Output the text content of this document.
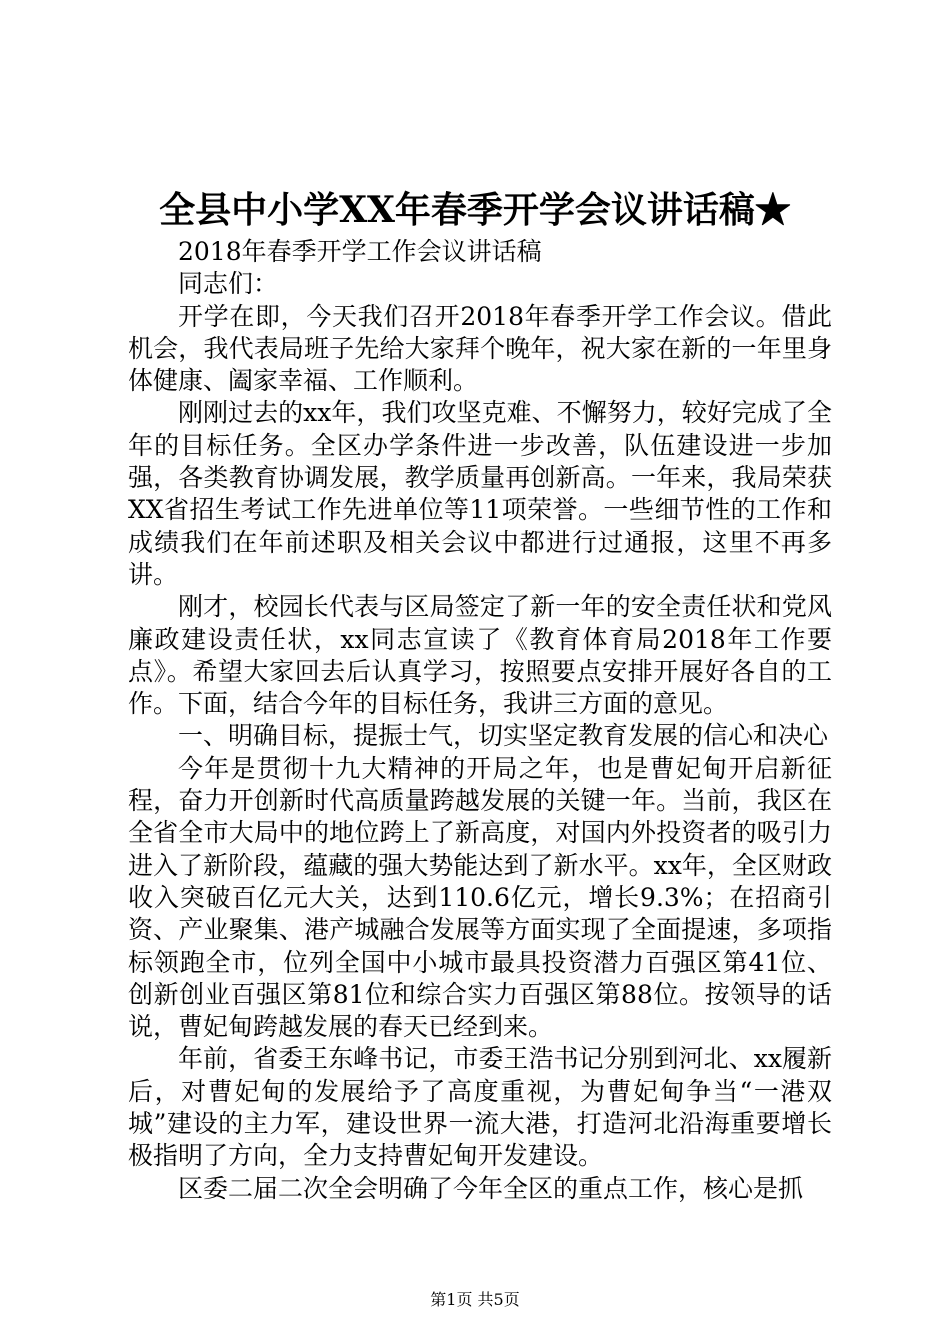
全县中小学XX年春季开学会议讲话稿★

2018年春季开学工作会议讲话稿

同志们：

开学在即，今天我们召开2018年春季开学工作会议。借此机会，我代表局班子先给大家拜个晚年，祝大家在新的一年里身体健康、阖家幸福、工作顺利。

刚刚过去的xx年，我们攻坚克难、不懈努力，较好完成了全年的目标任务。全区办学条件进一步改善，队伍建设进一步加强，各类教育协调发展，教学质量再创新高。一年来，我局荣获XX省招生考试工作先进单位等11项荣誉。一些细节性的工作和成绩我们在年前述职及相关会议中都进行过通报，这里不再多讲。

刚才，校园长代表与区局签定了新一年的安全责任状和党风廉政建设责任状，xx同志宣读了《教育体育局2018年工作要点》。希望大家回去后认真学习，按照要点安排开展好各自的工作。下面，结合今年的目标任务，我讲三方面的意见。

一、明确目标，提振士气，切实坚定教育发展的信心和决心

今年是贯彻十九大精神的开局之年，也是曹妃甸开启新征程，奋力开创新时代高质量跨越发展的关键一年。当前，我区在全省全市大局中的地位跨上了新高度，对国内外投资者的吸引力进入了新阶段，蕴藏的强大势能达到了新水平。xx年，全区财政收入突破百亿元大关，达到110.6亿元，增长9.3%；在招商引资、产业聚集、港产城融合发展等方面实现了全面提速，多项指标领跑全市，位列全国中小城市最具投资潜力百强区第41位、创新创业百强区第81位和综合实力百强区第88位。按领导的话说，曹妃甸跨越发展的春天已经到来。

年前，省委王东峰书记，市委王浩书记分别到河北、xx履新后，对曹妃甸的发展给予了高度重视，为曹妃甸争当“一港双城”建设的主力军，建设世界一流大港，打造河北沿海重要增长极指明了方向，全力支持曹妃甸开发建设。

区委二届二次全会明确了今年全区的重点工作，核心是抓

第1页 共5页
